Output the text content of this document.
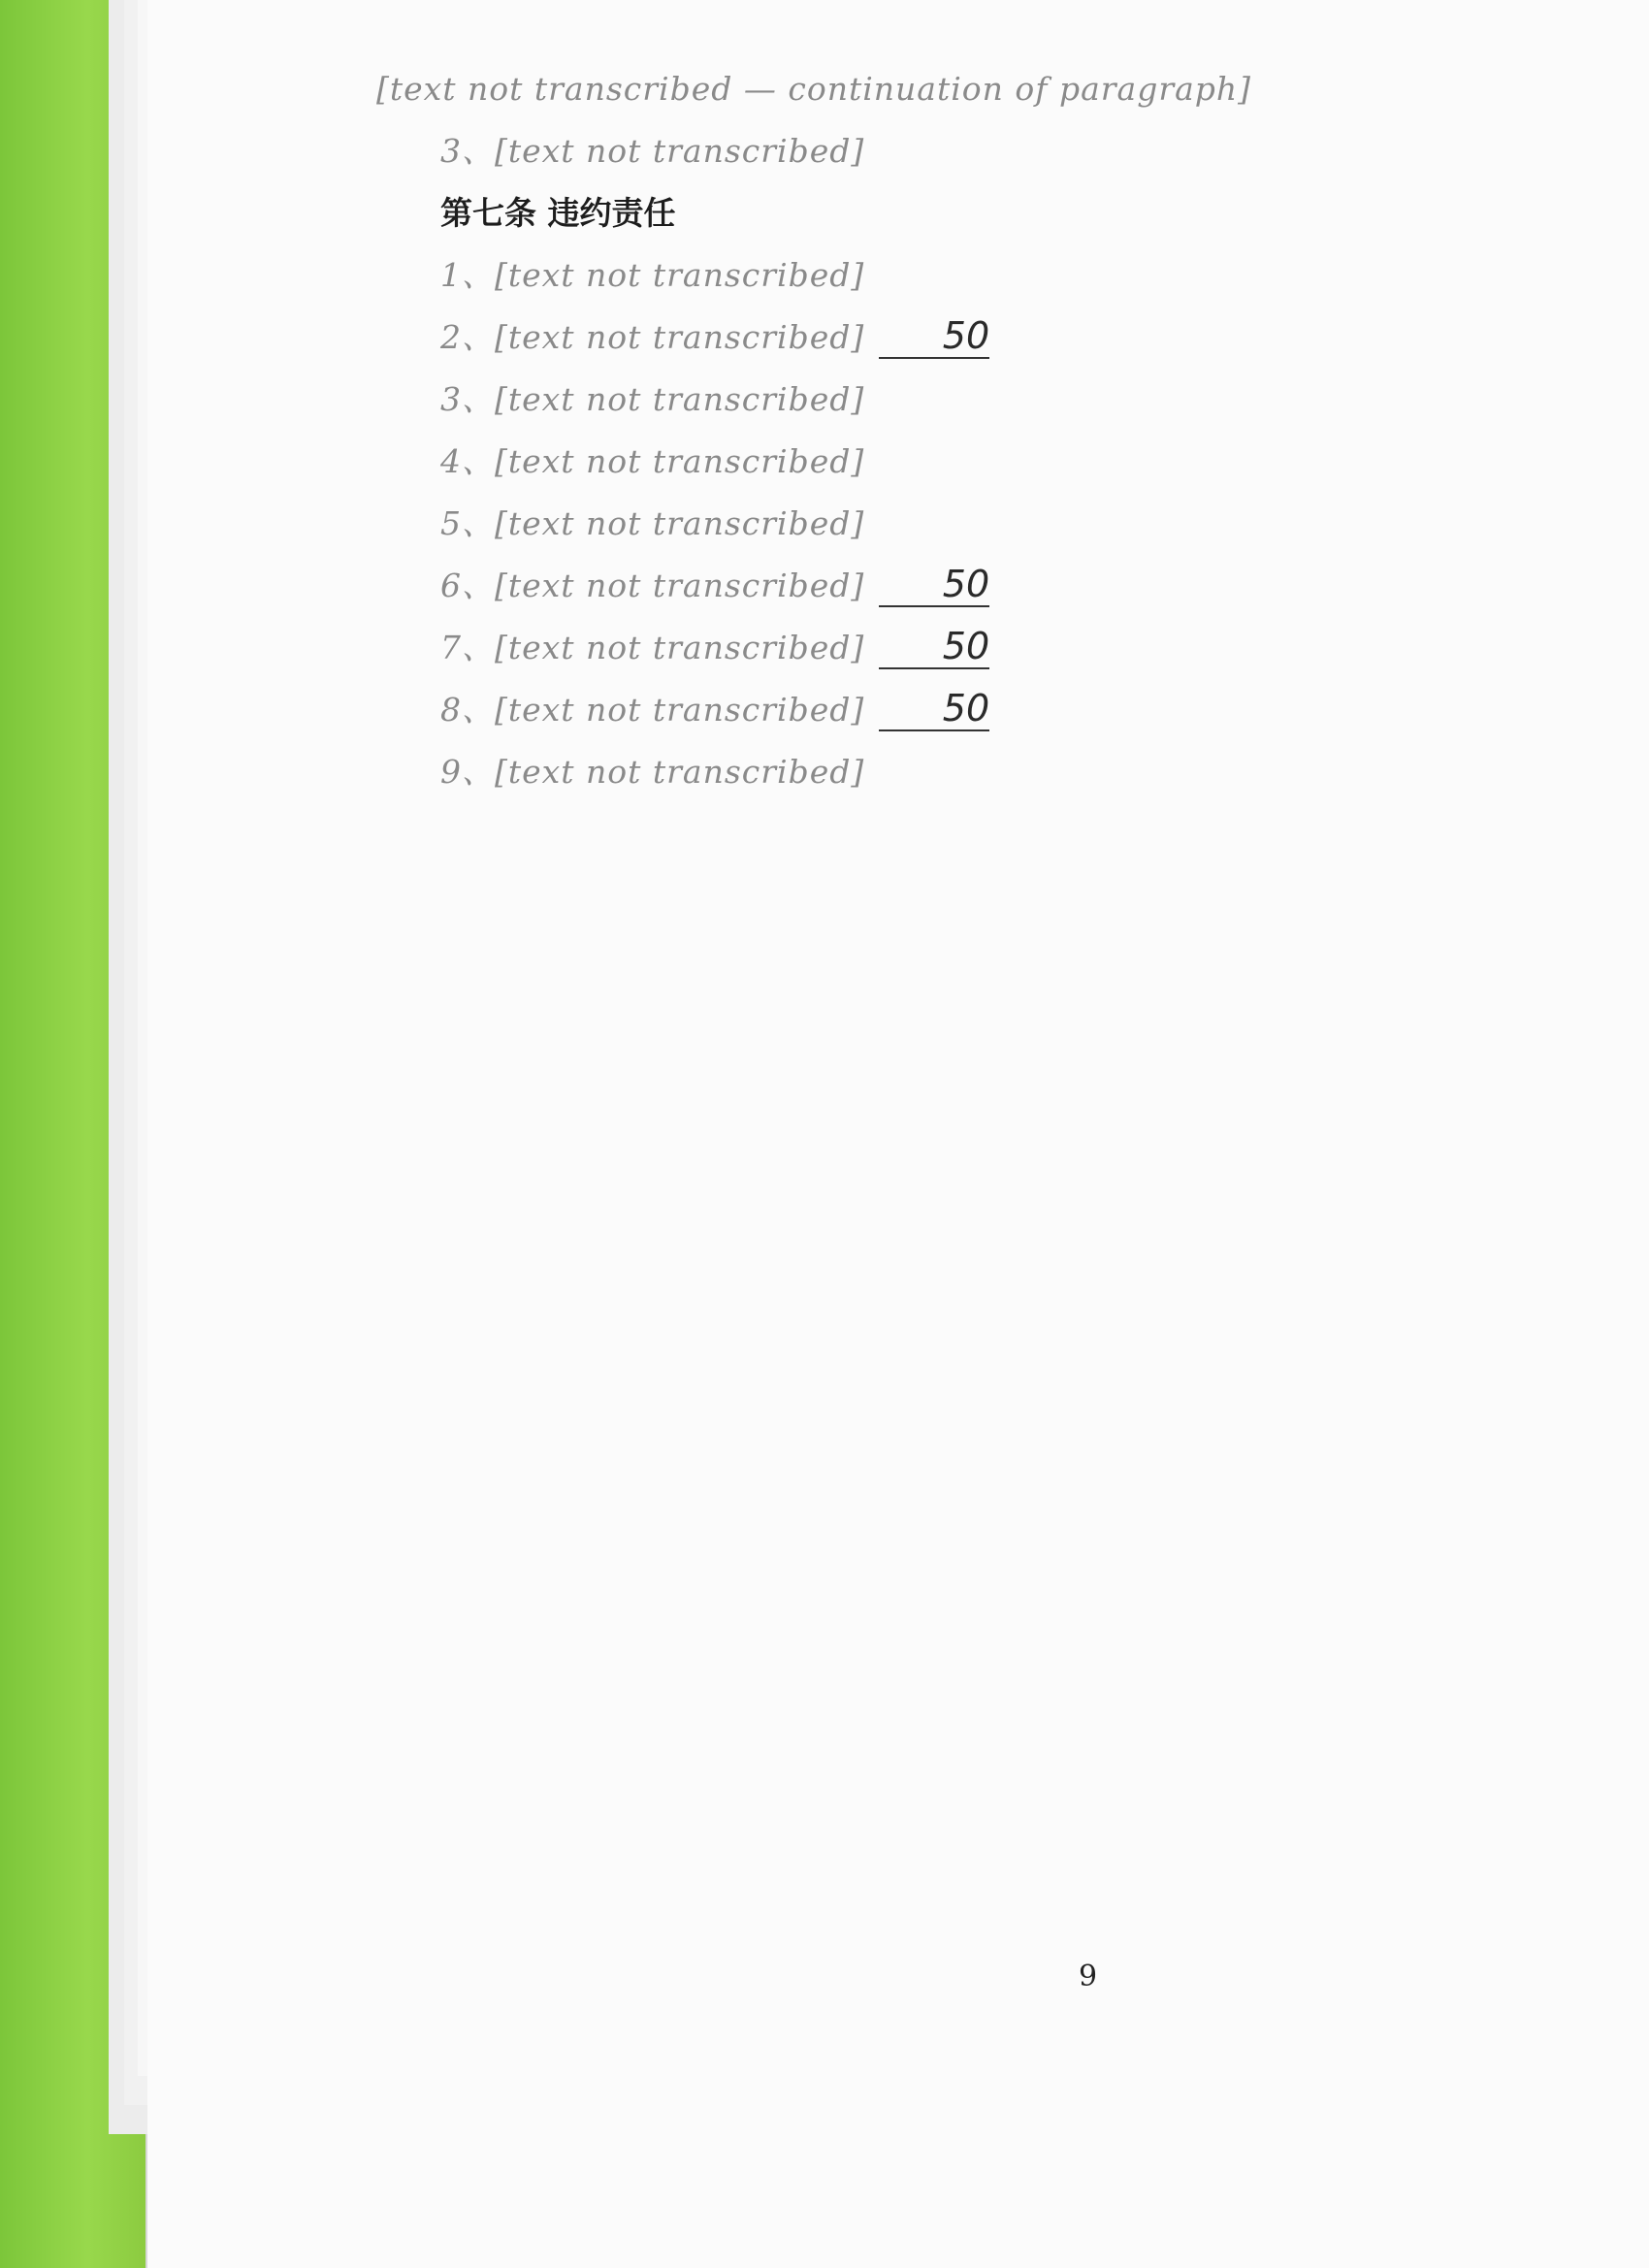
[text not transcribed — continuation of paragraph]

3、[text not transcribed]

第七条 违约责任

1、[text not transcribed]

2、[text not transcribed] 50

3、[text not transcribed]

4、[text not transcribed]

5、[text not transcribed]

6、[text not transcribed] 50

7、[text not transcribed] 50

8、[text not transcribed] 50

9、[text not transcribed]

9
